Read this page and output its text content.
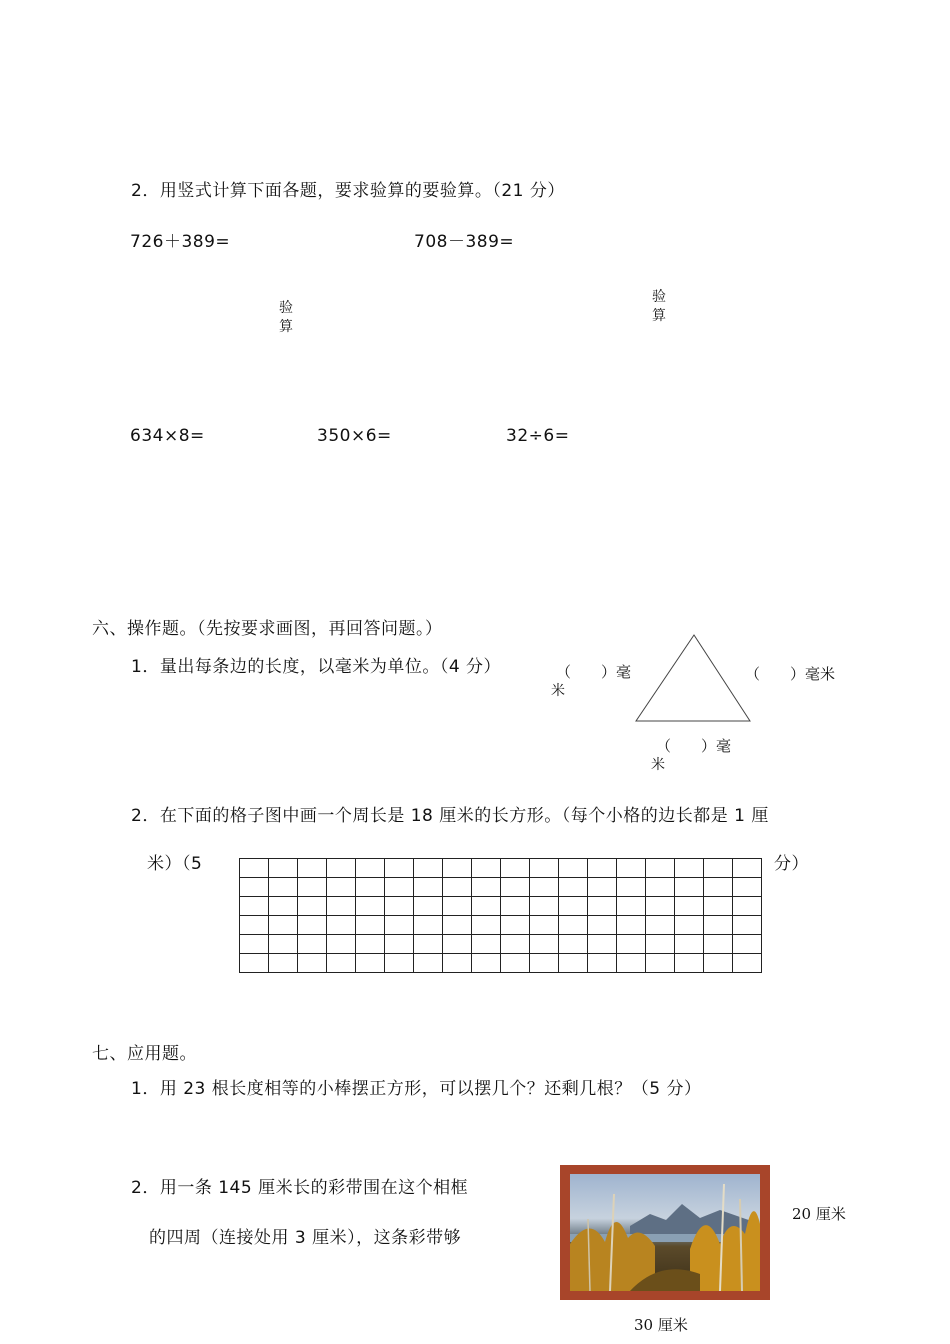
2．用竖式计算下面各题，要求验算的要验算。（21 分）
726＋389=	708－389=
验算
验算
634×8=	350×6=	32÷6=
六、操作题。（先按要求画图，再回答问题。）
1．量出每条边的长度，以毫米为单位。（4 分）	（　　）毫
米
（　　）毫米
（　　）毫
米
2．在下面的格子图中画一个周长是 18 厘米的长方形。（每个小格的边长都是 1 厘
米）（5	分）

七、应用题。
1．用 23 根长度相等的小棒摆正方形，可以摆几个？还剩几根？（5 分）
2．用一条 145 厘米长的彩带围在这个相框
的四周（连接处用 3 厘米），这条彩带够
20 厘米
30 厘米
